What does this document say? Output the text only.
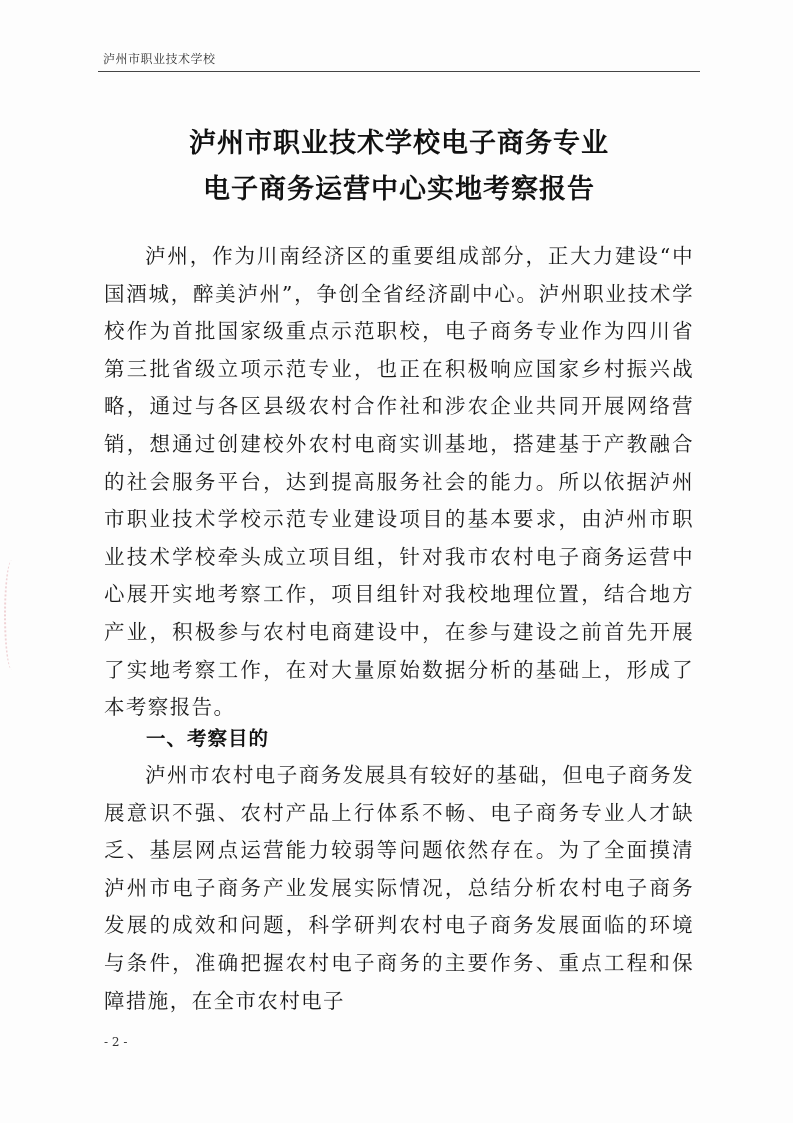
泸州市职业技术学校
泸州市职业技术学校电子商务专业
电子商务运营中心实地考察报告

泸州，作为川南经济区的重要组成部分，正大力建设“中国酒城，醉美泸州”，争创全省经济副中心。泸州职业技术学校作为首批国家级重点示范职校，电子商务专业作为四川省第三批省级立项示范专业，也正在积极响应国家乡村振兴战略，通过与各区县级农村合作社和涉农企业共同开展网络营销，想通过创建校外农村电商实训基地，搭建基于产教融合的社会服务平台，达到提高服务社会的能力。所以依据泸州市职业技术学校示范专业建设项目的基本要求，由泸州市职业技术学校牵头成立项目组，针对我市农村电子商务运营中心展开实地考察工作，项目组针对我校地理位置，结合地方产业，积极参与农村电商建设中，在参与建设之前首先开展了实地考察工作，在对大量原始数据分析的基础上，形成了本考察报告。

一、考察目的

泸州市农村电子商务发展具有较好的基础，但电子商务发展意识不强、农村产品上行体系不畅、电子商务专业人才缺乏、基层网点运营能力较弱等问题依然存在。为了全面摸清泸州市电子商务产业发展实际情况，总结分析农村电子商务发展的成效和问题，科学研判农村电子商务发展面临的环境与条件，准确把握农村电子商务的主要作务、重点工程和保障措施，在全市农村电子

- 2 -
